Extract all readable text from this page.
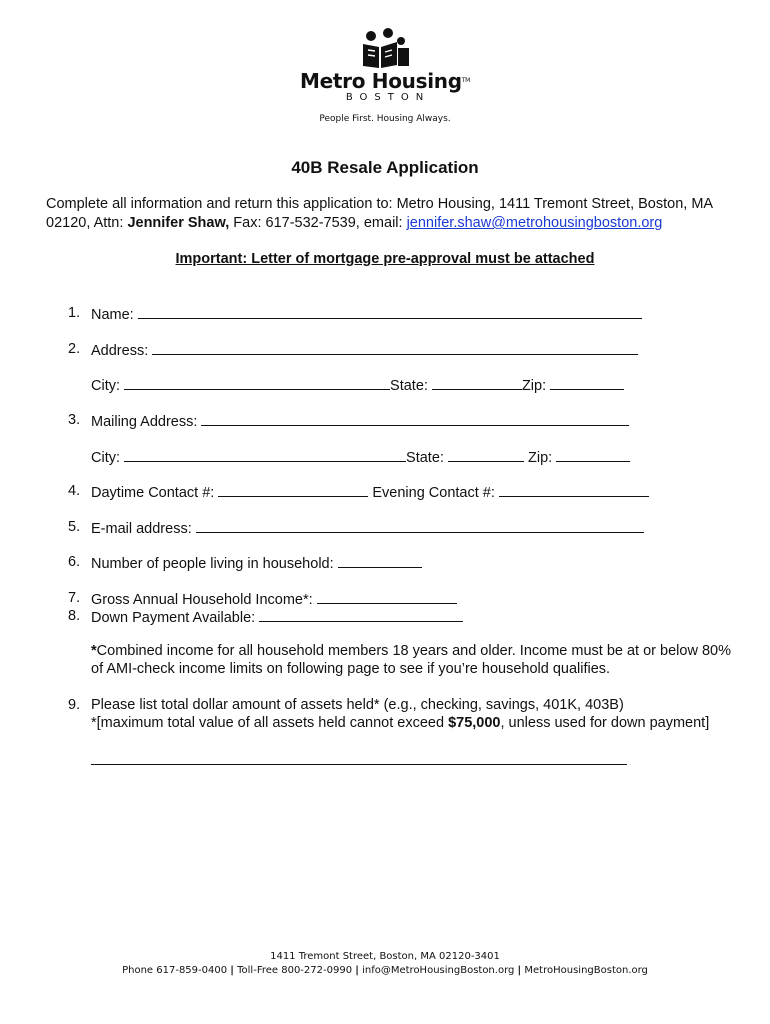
Metro Housing™
BOSTON
People First. Housing Always.
40B Resale Application
Complete all information and return this application to: Metro Housing, 1411 Tremont Street, Boston, MA 02120, Attn: Jennifer Shaw, Fax: 617-532-7539, email: jennifer.shaw@metrohousingboston.org
Important: Letter of mortgage pre-approval must be attached
1. Name:
2. Address:
City:	State:	Zip:
3. Mailing Address:
City:	State:	Zip:
4. Daytime Contact #:	Evening Contact #:
5. E-mail address:
6. Number of people living in household:
7. Gross Annual Household Income*:
8. Down Payment Available:
*Combined income for all household members 18 years and older. Income must be at or below 80% of AMI-check income limits on following page to see if you’re household qualifies.
9. Please list total dollar amount of assets held* (e.g., checking, savings, 401K, 403B)
*[maximum total value of all assets held cannot exceed $75,000, unless used for down payment]
1411 Tremont Street, Boston, MA 02120-3401
Phone 617-859-0400 | Toll-Free 800-272-0990 | info@MetroHousingBoston.org | MetroHousingBoston.org
